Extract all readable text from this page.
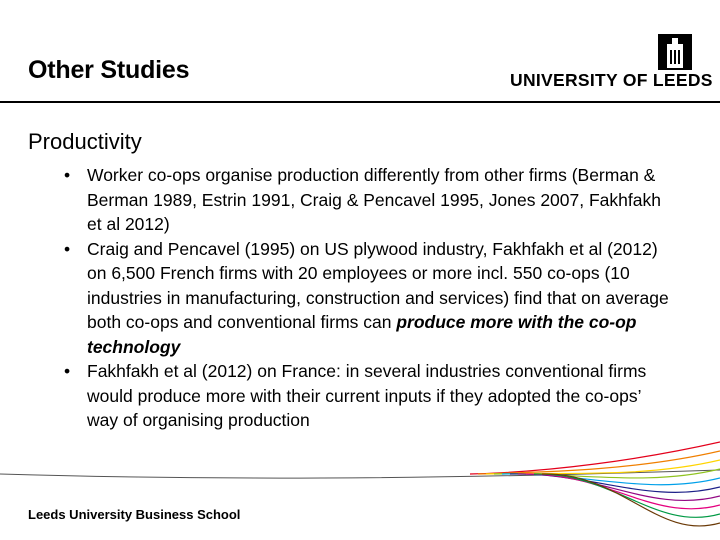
Other Studies	UNIVERSITY OF LEEDS
Productivity
• Worker co-ops organise production differently from other firms (Berman & Berman 1989, Estrin 1991, Craig & Pencavel 1995, Jones 2007, Fakhfakh et al 2012)
• Craig and Pencavel (1995) on US plywood industry, Fakhfakh et al (2012) on 6,500 French firms with 20 employees or more incl. 550 co-ops (10 industries in manufacturing, construction and services) find that on average both co-ops and conventional firms can produce more with the co-op technology
• Fakhfakh et al (2012) on France: in several industries conventional firms would produce more with their current inputs if they adopted the co-ops’ way of organising production
Leeds University Business School
